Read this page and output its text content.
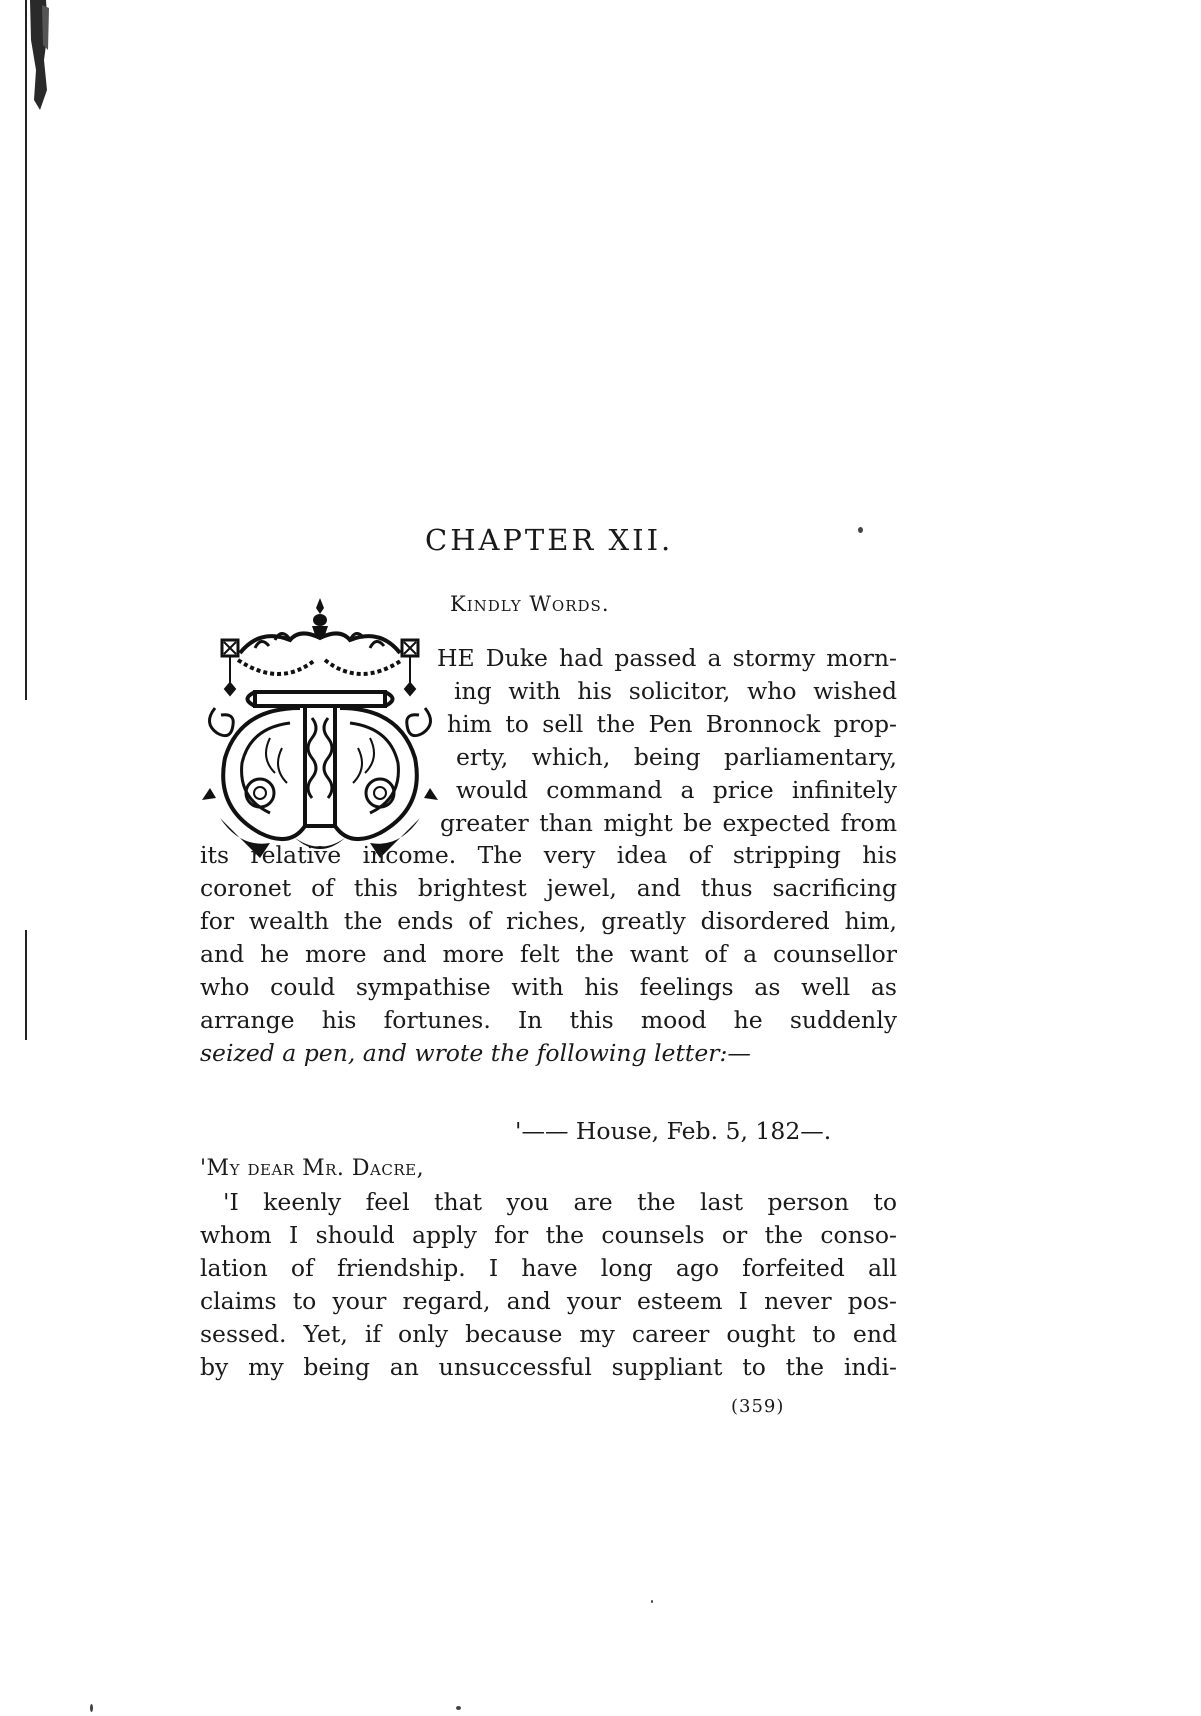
CHAPTER XII.
Kindly Words.

HE Duke had passed a stormy morn-

ing with his solicitor, who wished

him to sell the Pen Bronnock prop-

erty, which, being parliamentary,

would command a price infinitely

greater than might be expected from

its relative income. The very idea of stripping his

coronet of this brightest jewel, and thus sacrificing

for wealth the ends of riches, greatly disordered him,

and he more and more felt the want of a counsellor

who could sympathise with his feelings as well as

arrange his fortunes. In this mood he suddenly

seized a pen, and wrote the following letter:—

'—— House, Feb. 5, 182—.
'My dear Mr. Dacre,

'I keenly feel that you are the last person to

whom I should apply for the counsels or the conso-

lation of friendship. I have long ago forfeited all

claims to your regard, and your esteem I never pos-

sessed. Yet, if only because my career ought to end

by my being an unsuccessful suppliant to the indi-

(359)
